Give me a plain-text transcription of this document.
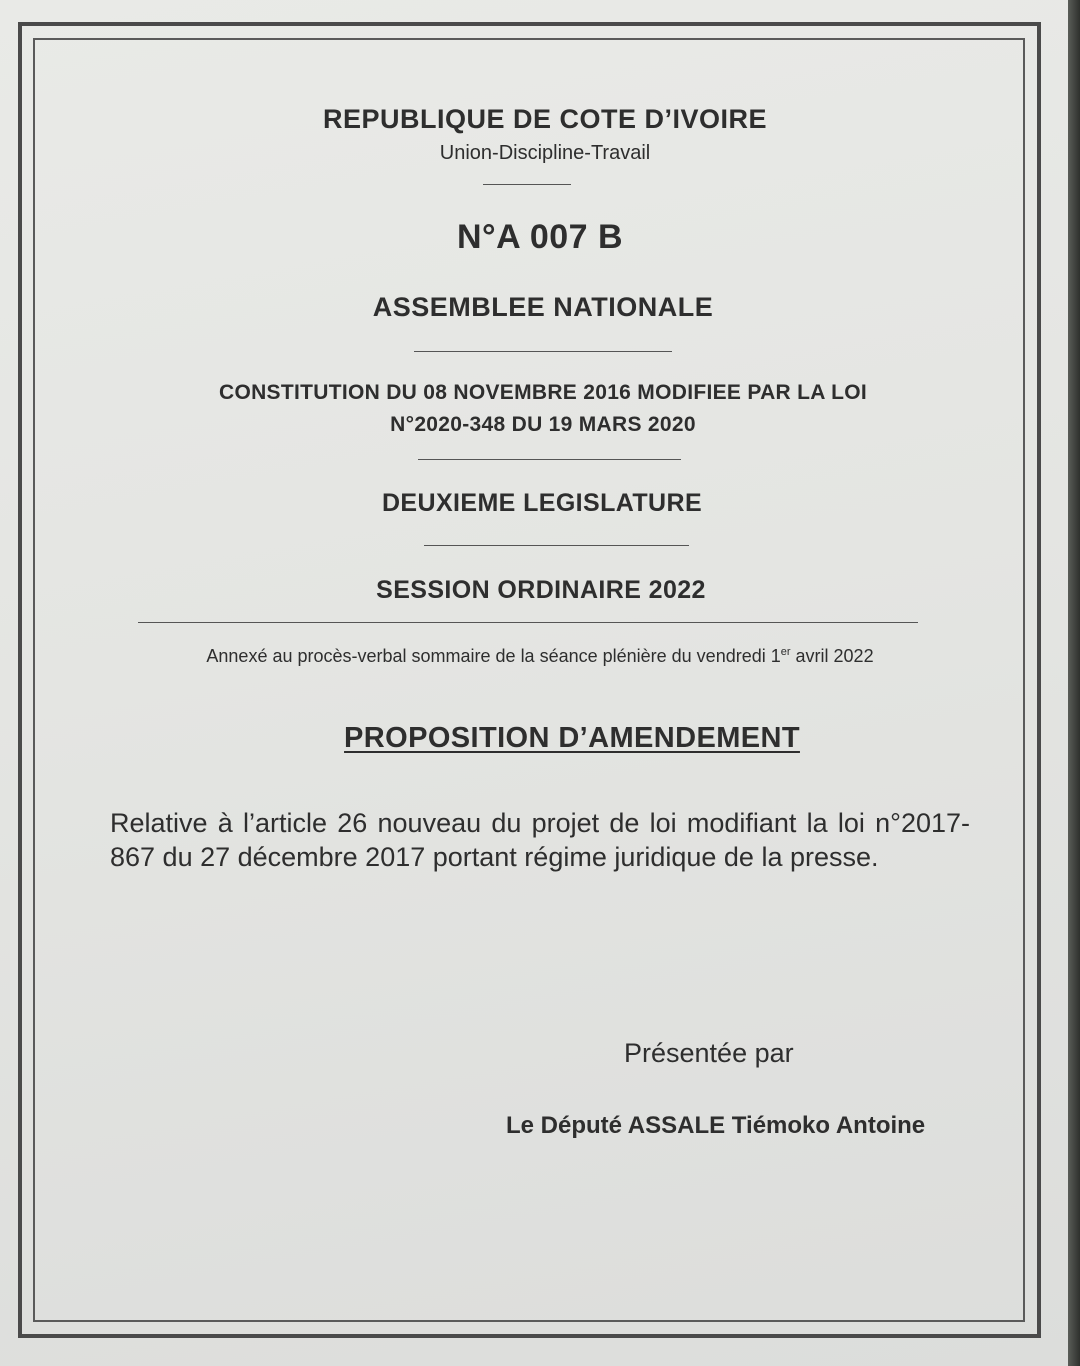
REPUBLIQUE DE COTE D’IVOIRE
Union-Discipline-Travail
N°A 007 B
ASSEMBLEE NATIONALE
CONSTITUTION DU 08 NOVEMBRE 2016 MODIFIEE PAR LA LOI
N°2020-348 DU 19 MARS 2020
DEUXIEME LEGISLATURE
SESSION ORDINAIRE 2022
Annexé au procès-verbal sommaire de la séance plénière du vendredi 1er avril 2022
PROPOSITION D’AMENDEMENT
Relative à l’article 26 nouveau du projet de loi modifiant la loi n°2017-867 du 27 décembre 2017 portant régime juridique de la presse.
Présentée par
Le Député ASSALE Tiémoko Antoine
